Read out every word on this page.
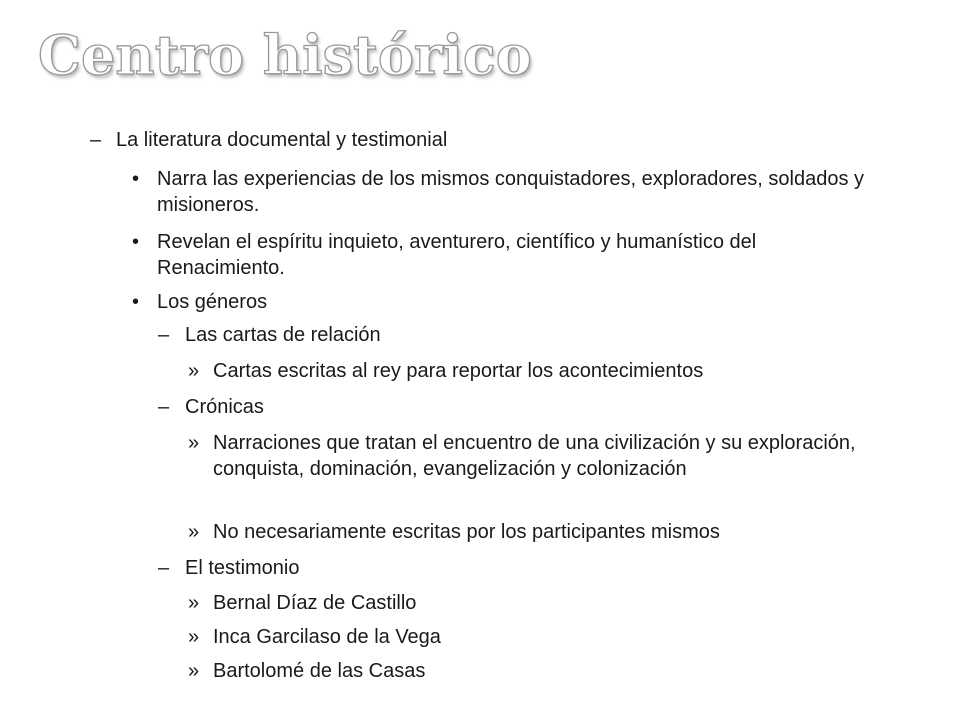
Centro histórico
– La literatura documental y testimonial
• Narra las experiencias de los mismos conquistadores, exploradores, soldados y misioneros.
• Revelan el espíritu inquieto, aventurero, científico y humanístico del Renacimiento.
• Los géneros
– Las cartas de relación
» Cartas escritas al rey para reportar los acontecimientos
– Crónicas
» Narraciones que tratan el encuentro de una civilización y su exploración, conquista, dominación, evangelización y colonización
» No necesariamente escritas por los participantes mismos
– El testimonio
» Bernal Díaz de Castillo
» Inca Garcilaso de la Vega
» Bartolomé de las Casas
